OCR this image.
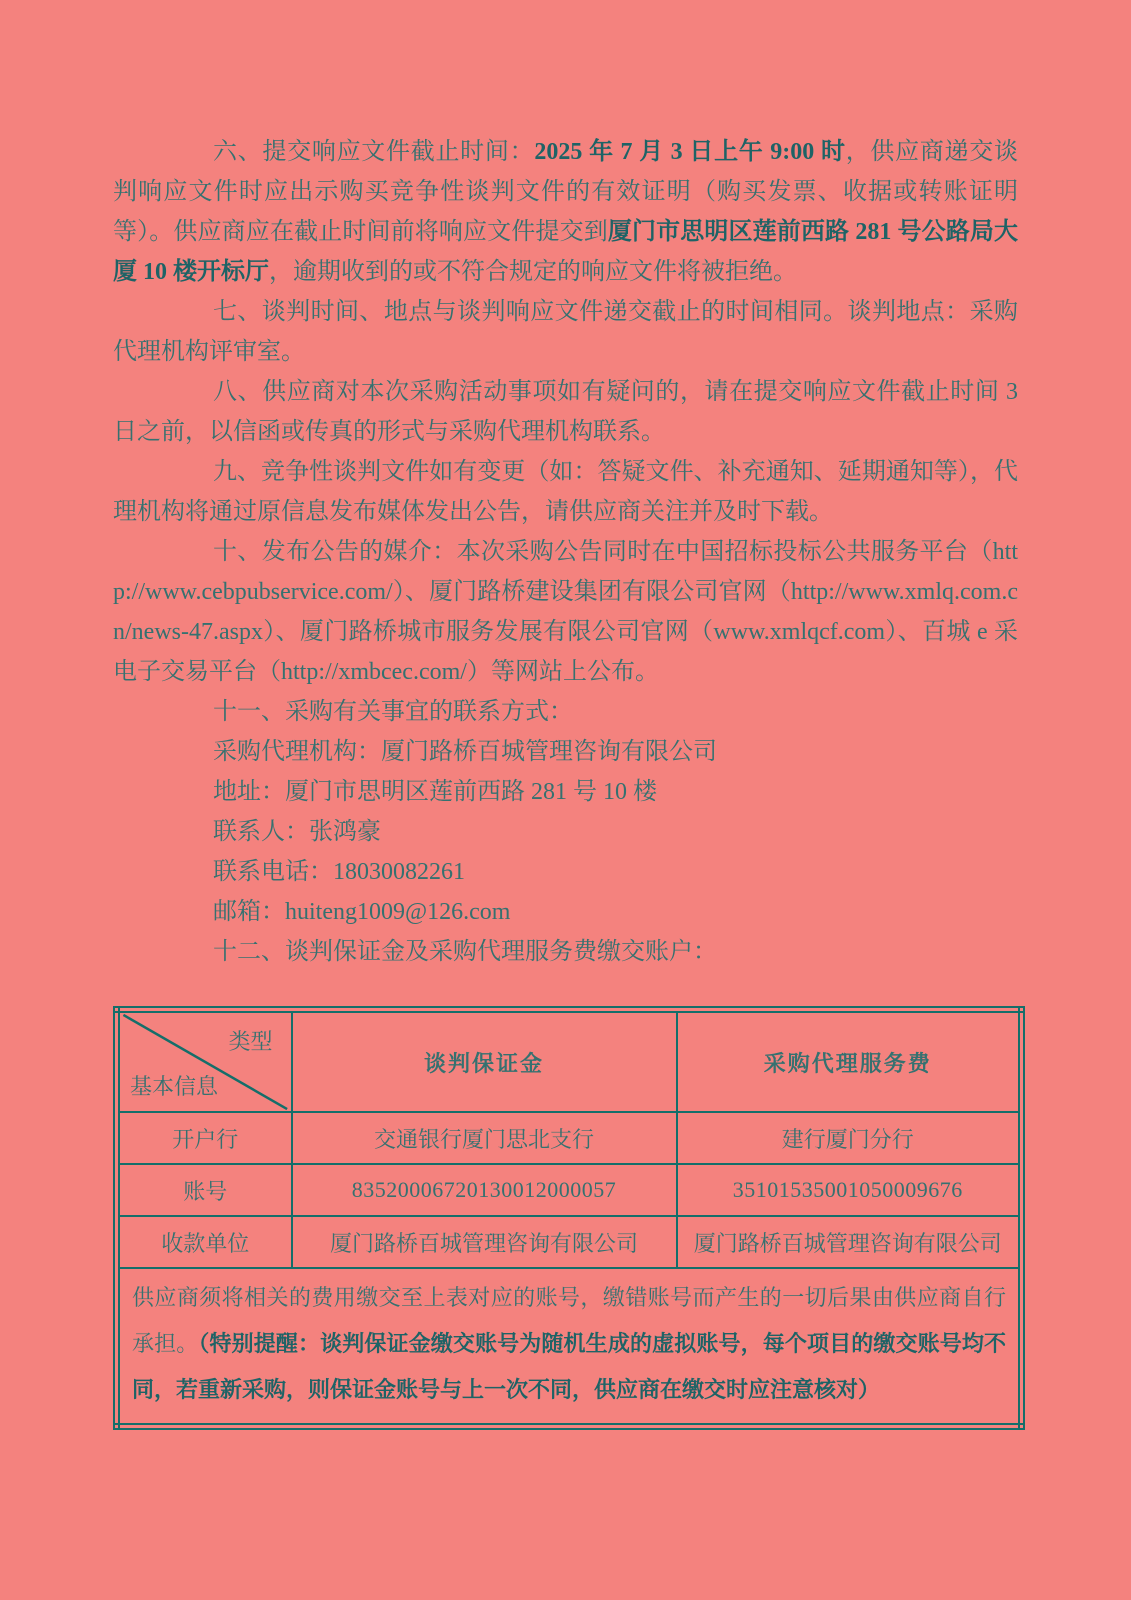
六、提交响应文件截止时间：2025 年 7 月 3 日上午 9:00 时，供应商递交谈判响应文件时应出示购买竞争性谈判文件的有效证明（购买发票、收据或转账证明等）。供应商应在截止时间前将响应文件提交到厦门市思明区莲前西路 281 号公路局大厦 10 楼开标厅，逾期收到的或不符合规定的响应文件将被拒绝。

七、谈判时间、地点与谈判响应文件递交截止的时间相同。谈判地点：采购代理机构评审室。

八、供应商对本次采购活动事项如有疑问的，请在提交响应文件截止时间 3 日之前，以信函或传真的形式与采购代理机构联系。

九、竞争性谈判文件如有变更（如：答疑文件、补充通知、延期通知等），代理机构将通过原信息发布媒体发出公告，请供应商关注并及时下载。

十、发布公告的媒介：本次采购公告同时在中国招标投标公共服务平台（http://www.cebpubservice.com/）、厦门路桥建设集团有限公司官网（http://www.xmlq.com.cn/news-47.aspx）、厦门路桥城市服务发展有限公司官网（www.xmlqcf.com）、百城 e 采电子交易平台（http://xmbcec.com/）等网站上公布。

十一、采购有关事宜的联系方式：

采购代理机构：厦门路桥百城管理咨询有限公司

地址：厦门市思明区莲前西路 281 号 10 楼

联系人：张鸿豪

联系电话：18030082261

邮箱：huiteng1009@126.com

十二、谈判保证金及采购代理服务费缴交账户：

类型
基本信息	谈判保证金	采购代理服务费
开户行	交通银行厦门思北支行	建行厦门分行
账号	83520006720130012000057	35101535001050009676
收款单位	厦门路桥百城管理咨询有限公司	厦门路桥百城管理咨询有限公司
供应商须将相关的费用缴交至上表对应的账号，缴错账号而产生的一切后果由供应商自行承担。（特别提醒：谈判保证金缴交账号为随机生成的虚拟账号，每个项目的缴交账号均不同，若重新采购，则保证金账号与上一次不同，供应商在缴交时应注意核对）		
